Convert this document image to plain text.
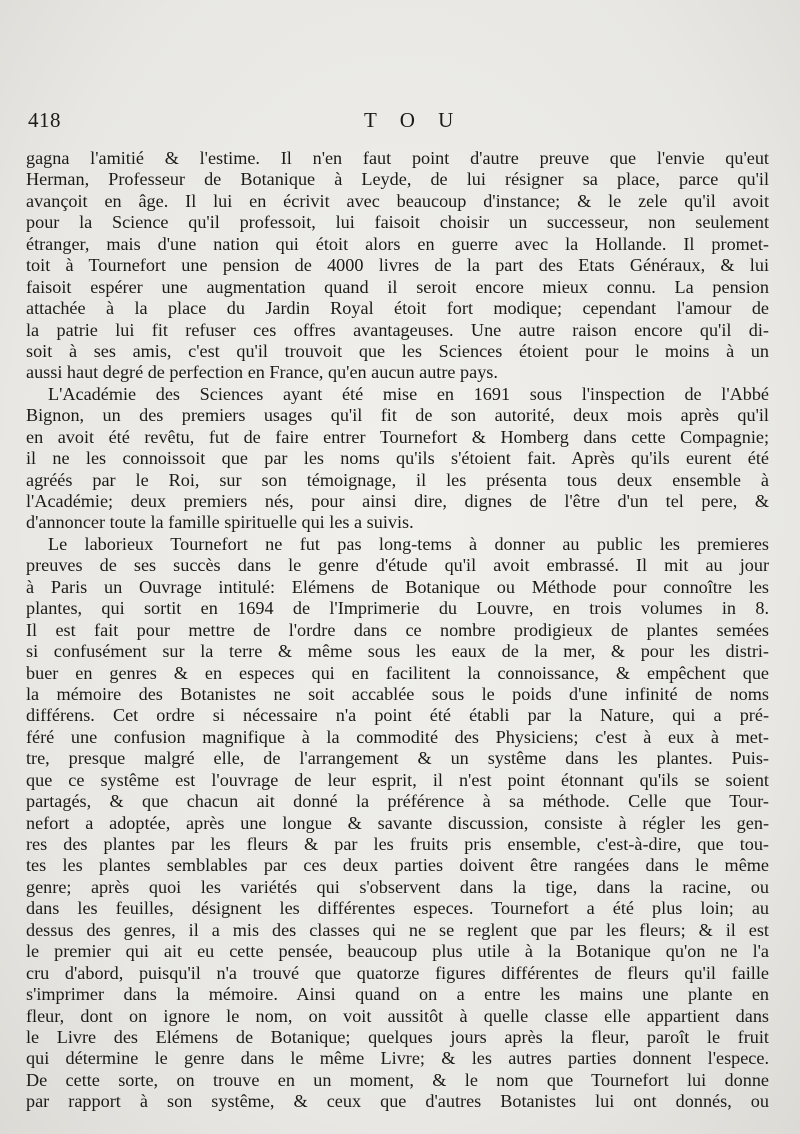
418	T O U
gagna l'amitié & l'estime. Il n'en faut point d'autre preuve que l'envie qu'eut
Herman, Professeur de Botanique à Leyde, de lui résigner sa place, parce qu'il
avançoit en âge. Il lui en écrivit avec beaucoup d'instance; & le zele qu'il avoit
pour la Science qu'il professoit, lui faisoit choisir un successeur, non seulement
étranger, mais d'une nation qui étoit alors en guerre avec la Hollande. Il promet-
toit à Tournefort une pension de 4000 livres de la part des Etats Généraux, & lui
faisoit espérer une augmentation quand il seroit encore mieux connu. La pension
attachée à la place du Jardin Royal étoit fort modique; cependant l'amour de
la patrie lui fit refuser ces offres avantageuses. Une autre raison encore qu'il di-
soit à ses amis, c'est qu'il trouvoit que les Sciences étoient pour le moins à un
aussi haut degré de perfection en France, qu'en aucun autre pays.
L'Académie des Sciences ayant été mise en 1691 sous l'inspection de l'Abbé
Bignon, un des premiers usages qu'il fit de son autorité, deux mois après qu'il
en avoit été revêtu, fut de faire entrer Tournefort & Homberg dans cette Compagnie;
il ne les connoissoit que par les noms qu'ils s'étoient fait. Après qu'ils eurent été
agréés par le Roi, sur son témoignage, il les présenta tous deux ensemble à
l'Académie; deux premiers nés, pour ainsi dire, dignes de l'être d'un tel pere, &
d'annoncer toute la famille spirituelle qui les a suivis.
Le laborieux Tournefort ne fut pas long-tems à donner au public les premieres
preuves de ses succès dans le genre d'étude qu'il avoit embrassé. Il mit au jour
à Paris un Ouvrage intitulé: Elémens de Botanique ou Méthode pour connoître les
plantes, qui sortit en 1694 de l'Imprimerie du Louvre, en trois volumes in 8.
Il est fait pour mettre de l'ordre dans ce nombre prodigieux de plantes semées
si confusément sur la terre & même sous les eaux de la mer, & pour les distri-
buer en genres & en especes qui en facilitent la connoissance, & empêchent que
la mémoire des Botanistes ne soit accablée sous le poids d'une infinité de noms
différens. Cet ordre si nécessaire n'a point été établi par la Nature, qui a pré-
féré une confusion magnifique à la commodité des Physiciens; c'est à eux à met-
tre, presque malgré elle, de l'arrangement & un systême dans les plantes. Puis-
que ce systême est l'ouvrage de leur esprit, il n'est point étonnant qu'ils se soient
partagés, & que chacun ait donné la préférence à sa méthode. Celle que Tour-
nefort a adoptée, après une longue & savante discussion, consiste à régler les gen-
res des plantes par les fleurs & par les fruits pris ensemble, c'est-à-dire, que tou-
tes les plantes semblables par ces deux parties doivent être rangées dans le même
genre; après quoi les variétés qui s'observent dans la tige, dans la racine, ou
dans les feuilles, désignent les différentes especes. Tournefort a été plus loin; au
dessus des genres, il a mis des classes qui ne se reglent que par les fleurs; & il est
le premier qui ait eu cette pensée, beaucoup plus utile à la Botanique qu'on ne l'a
cru d'abord, puisqu'il n'a trouvé que quatorze figures différentes de fleurs qu'il faille
s'imprimer dans la mémoire. Ainsi quand on a entre les mains une plante en
fleur, dont on ignore le nom, on voit aussitôt à quelle classe elle appartient dans
le Livre des Elémens de Botanique; quelques jours après la fleur, paroît le fruit
qui détermine le genre dans le même Livre; & les autres parties donnent l'espece.
De cette sorte, on trouve en un moment, & le nom que Tournefort lui donne
par rapport à son systême, & ceux que d'autres Botanistes lui ont donnés, ou
